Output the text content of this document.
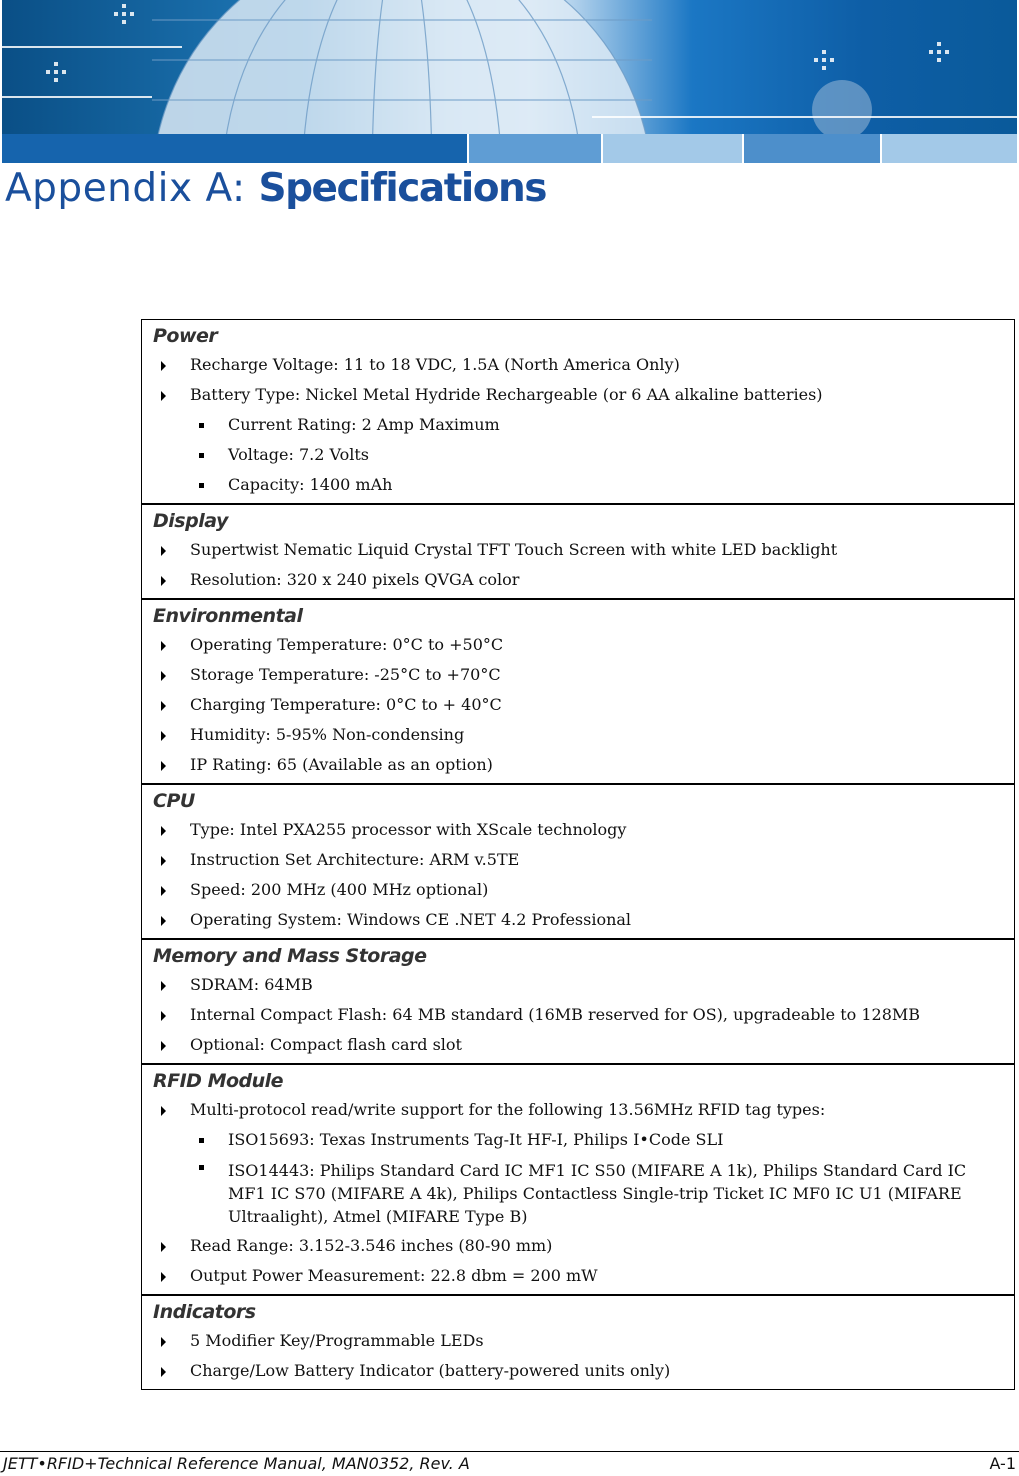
Appendix A: Specifications
Power
Recharge Voltage: 11 to 18 VDC, 1.5A (North America Only)
Battery Type: Nickel Metal Hydride Rechargeable (or 6 AA alkaline batteries)
Current Rating: 2 Amp Maximum
Voltage: 7.2 Volts
Capacity: 1400 mAh
Display
Supertwist Nematic Liquid Crystal TFT Touch Screen with white LED backlight
Resolution: 320 x 240 pixels QVGA color
Environmental
Operating Temperature: 0°C to +50°C
Storage Temperature: -25°C to +70°C
Charging Temperature: 0°C to + 40°C
Humidity: 5-95% Non-condensing
IP Rating: 65 (Available as an option)
CPU
Type: Intel PXA255 processor with XScale technology
Instruction Set Architecture: ARM v.5TE
Speed: 200 MHz (400 MHz optional)
Operating System: Windows CE .NET 4.2 Professional
Memory and Mass Storage
SDRAM: 64MB
Internal Compact Flash: 64 MB standard (16MB reserved for OS), upgradeable to 128MB
Optional: Compact flash card slot
RFID Module
Multi-protocol read/write support for the following 13.56MHz RFID tag types:
ISO15693: Texas Instruments Tag-It HF-I, Philips I•Code SLI
ISO14443: Philips Standard Card IC MF1 IC S50 (MIFARE A 1k), Philips Standard Card IC MF1 IC S70 (MIFARE A 4k), Philips Contactless Single-trip Ticket IC MF0 IC U1 (MIFARE Ultraalight), Atmel (MIFARE Type B)
Read Range: 3.152-3.546 inches (80-90 mm)
Output Power Measurement: 22.8 dbm = 200 mW
Indicators
5 Modifier Key/Programmable LEDs
Charge/Low Battery Indicator (battery-powered units only)
JETT•RFID+Technical Reference Manual, MAN0352, Rev. A	A-1
